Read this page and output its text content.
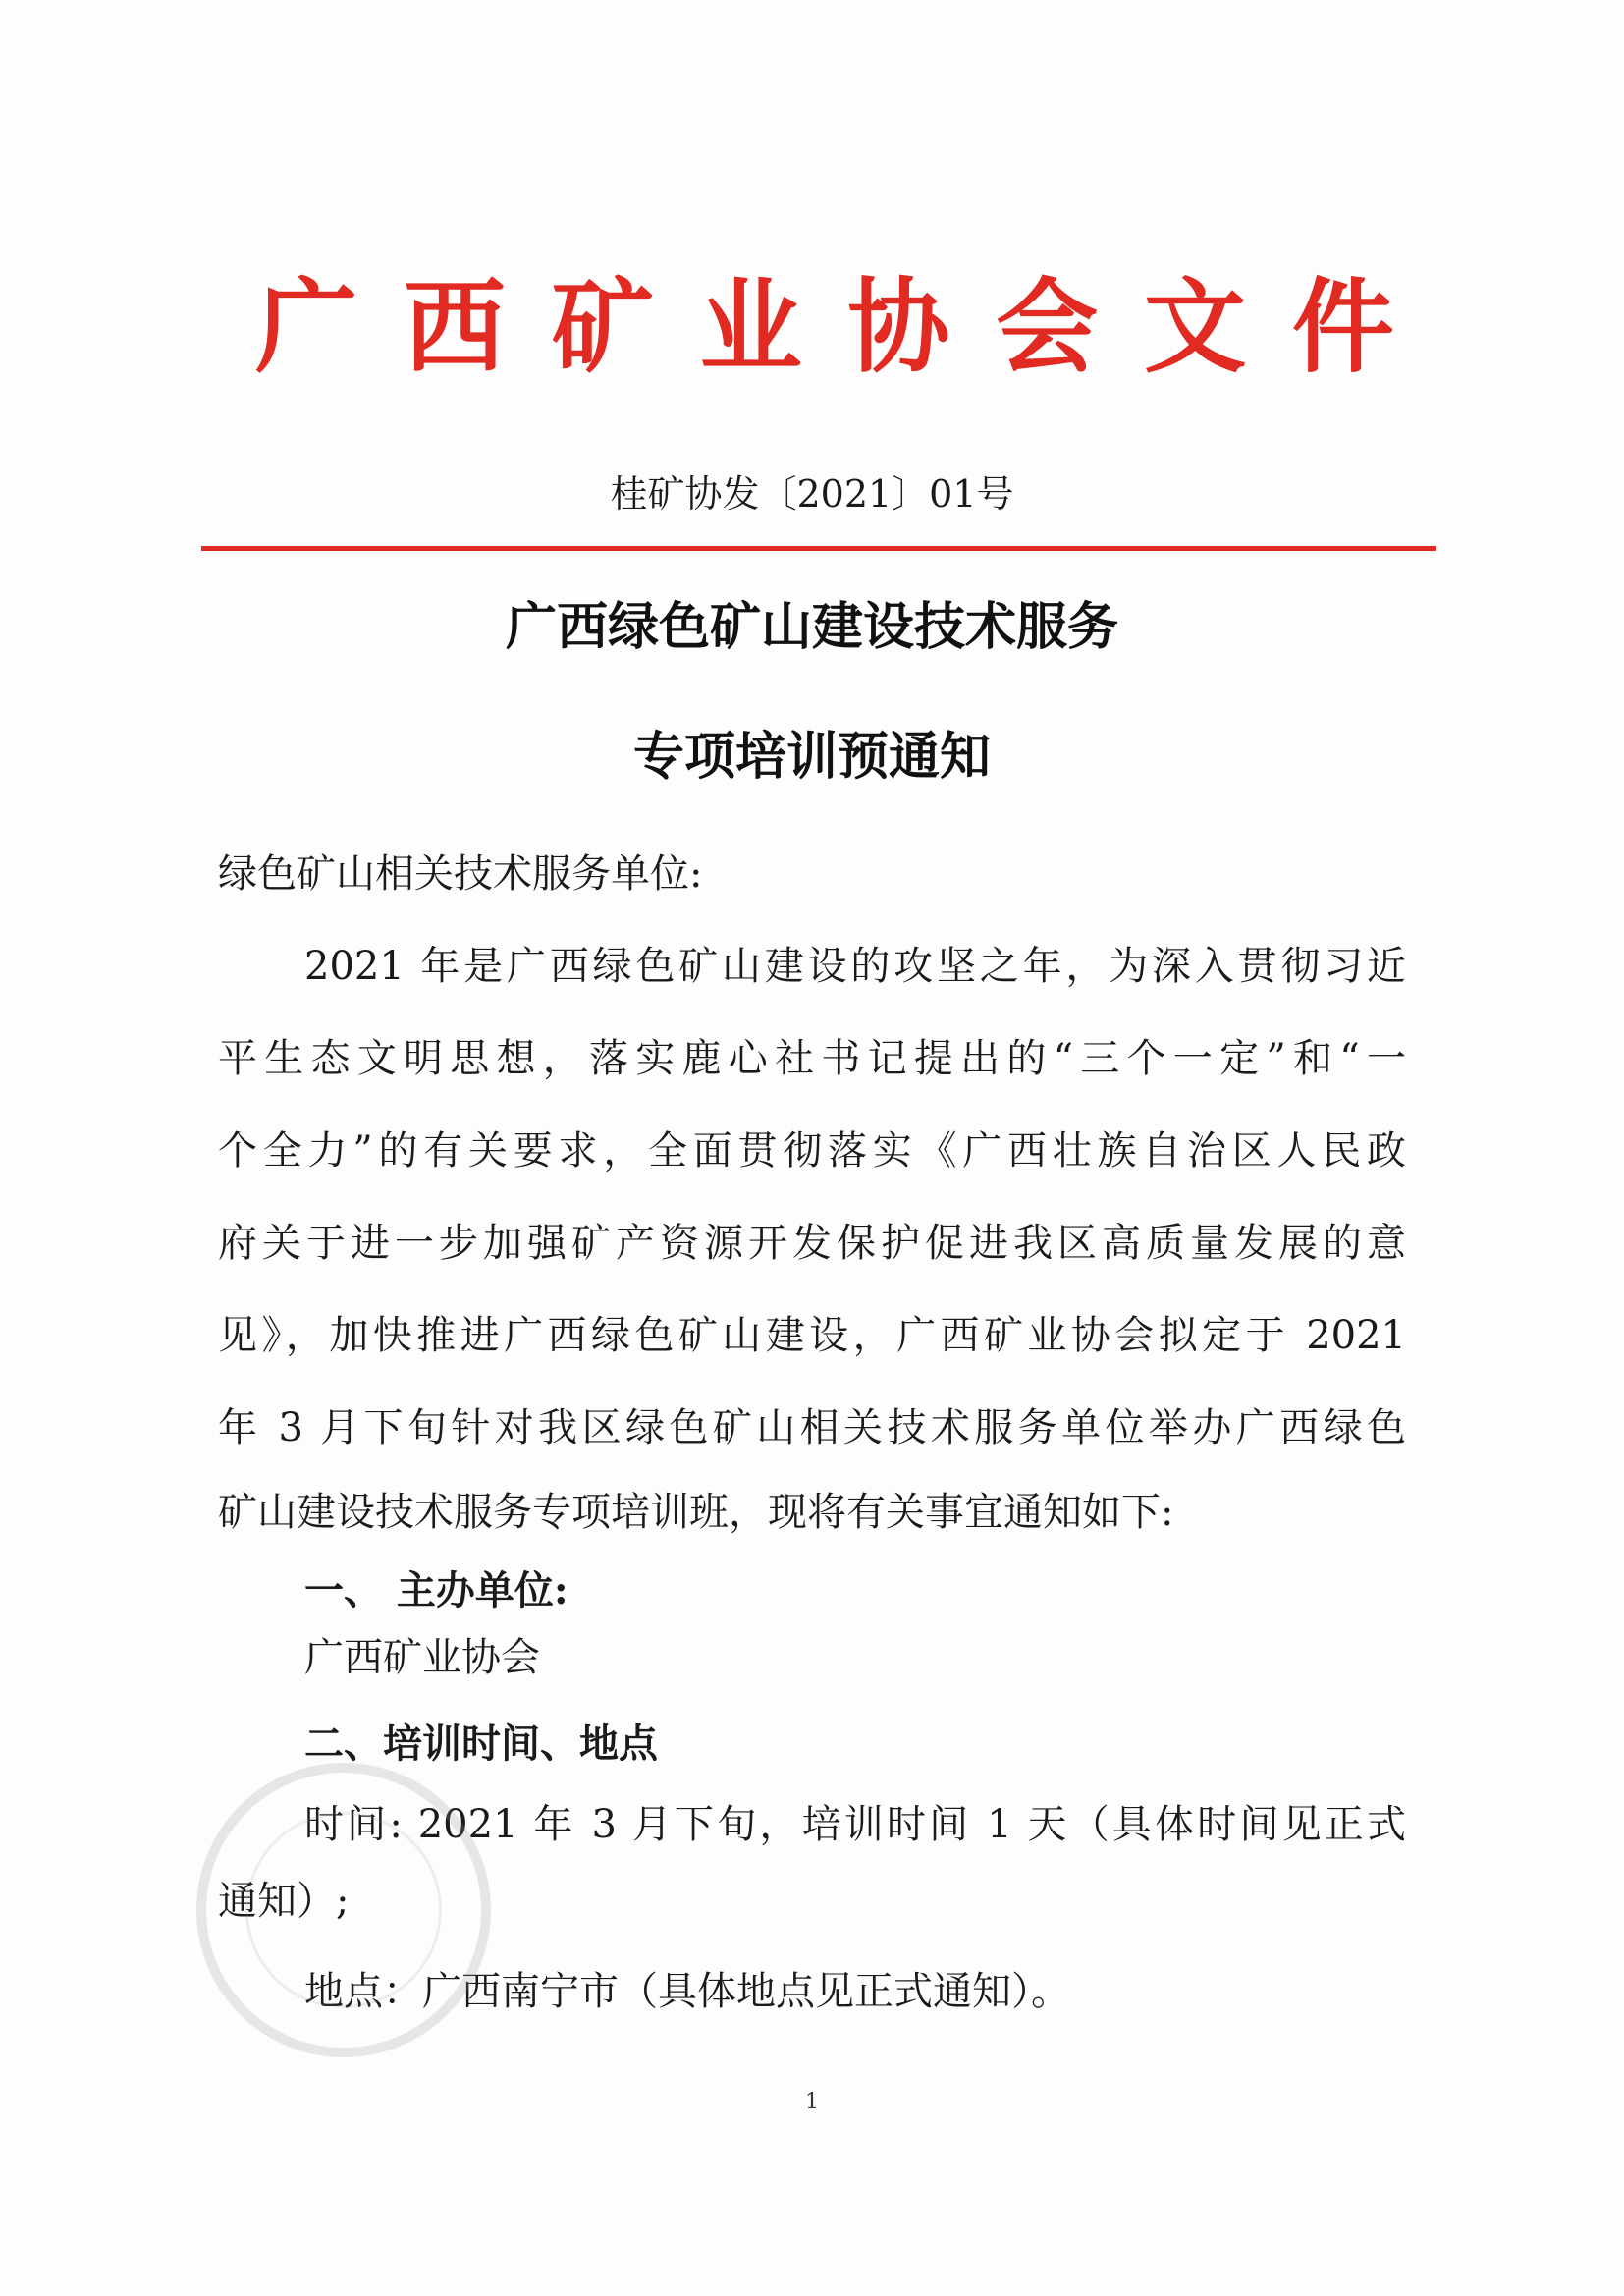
广 西 矿 业 协 会 文 件
桂矿协发〔2021〕01号
广西绿色矿山建设技术服务
专项培训预通知
绿色矿山相关技术服务单位:
2021 年是广西绿色矿山建设的攻坚之年，为深入贯彻习近
平生态文明思想，落实鹿心社书记提出的“三个一定”和“一
个全力”的有关要求，全面贯彻落实《广西壮族自治区人民政
府关于进一步加强矿产资源开发保护促进我区高质量发展的意
见》，加快推进广西绿色矿山建设，广西矿业协会拟定于 2021
年 3 月下旬针对我区绿色矿山相关技术服务单位举办广西绿色
矿山建设技术服务专项培训班，现将有关事宜通知如下:
一、 主办单位:
广西矿业协会
二、培训时间、地点
时间: 2021 年 3 月下旬，培训时间 1 天（具体时间见正式
通知）;
地点：广西南宁市（具体地点见正式通知）。
1
